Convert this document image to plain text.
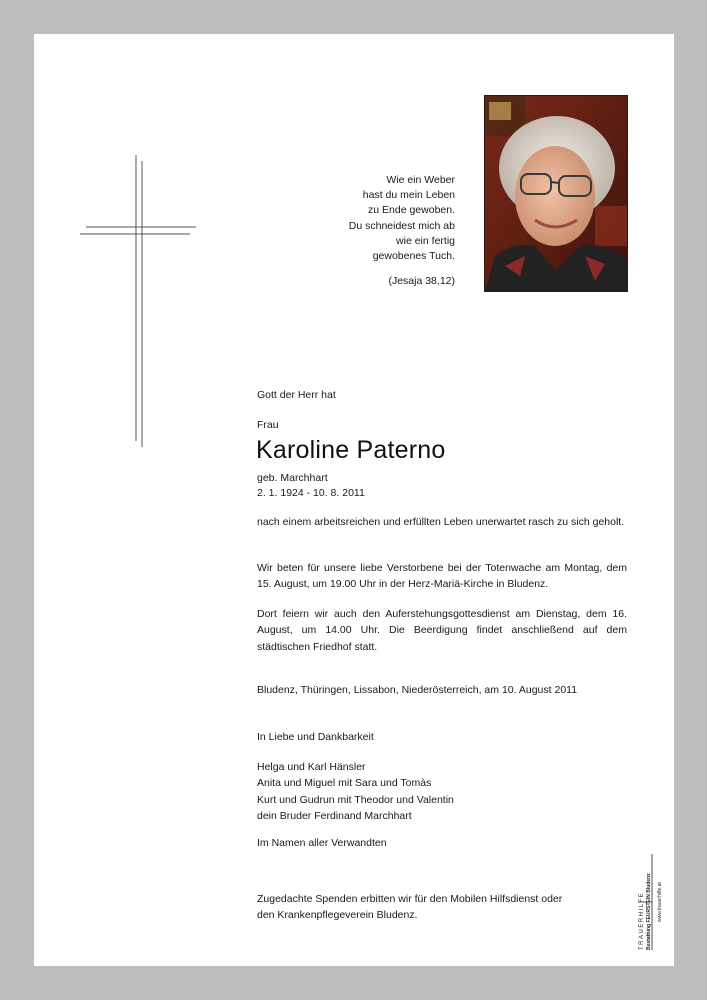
Wie ein Weber
hast du mein Leben
zu Ende gewoben.
Du schneidest mich ab
wie ein fertig
gewobenes Tuch.
(Jesaja 38,12)
Gott der Herr hat
Frau
Karoline Paterno
geb. Marchhart
2. 1. 1924 - 10. 8. 2011
nach einem arbeitsreichen und erfüllten Leben unerwartet rasch zu sich geholt.
Wir beten für unsere liebe Verstorbene bei der Totenwache am Montag, dem 15. August, um 19.00 Uhr in der Herz-Mariä-Kirche in Bludenz.
Dort feiern wir auch den Auferstehungsgottesdienst am Dienstag, dem 16. August, um 14.00 Uhr. Die Beerdigung findet anschließend auf dem städtischen Friedhof statt.
Bludenz, Thüringen, Lissabon, Niederösterreich, am 10. August 2011
In Liebe und Dankbarkeit
Helga und Karl Hänsler
Anita und Miguel mit Sara und Tomàs
Kurt und Gudrun mit Theodor und Valentin
dein Bruder Ferdinand Marchhart
Im Namen aller Verwandten
Zugedachte Spenden erbitten wir für den Mobilen Hilfsdienst oder
den Krankenpflegeverein Bludenz.	TRAUERHILFE Bestattung FEURSTEIN Bludenz www.trauerhilfe.at
